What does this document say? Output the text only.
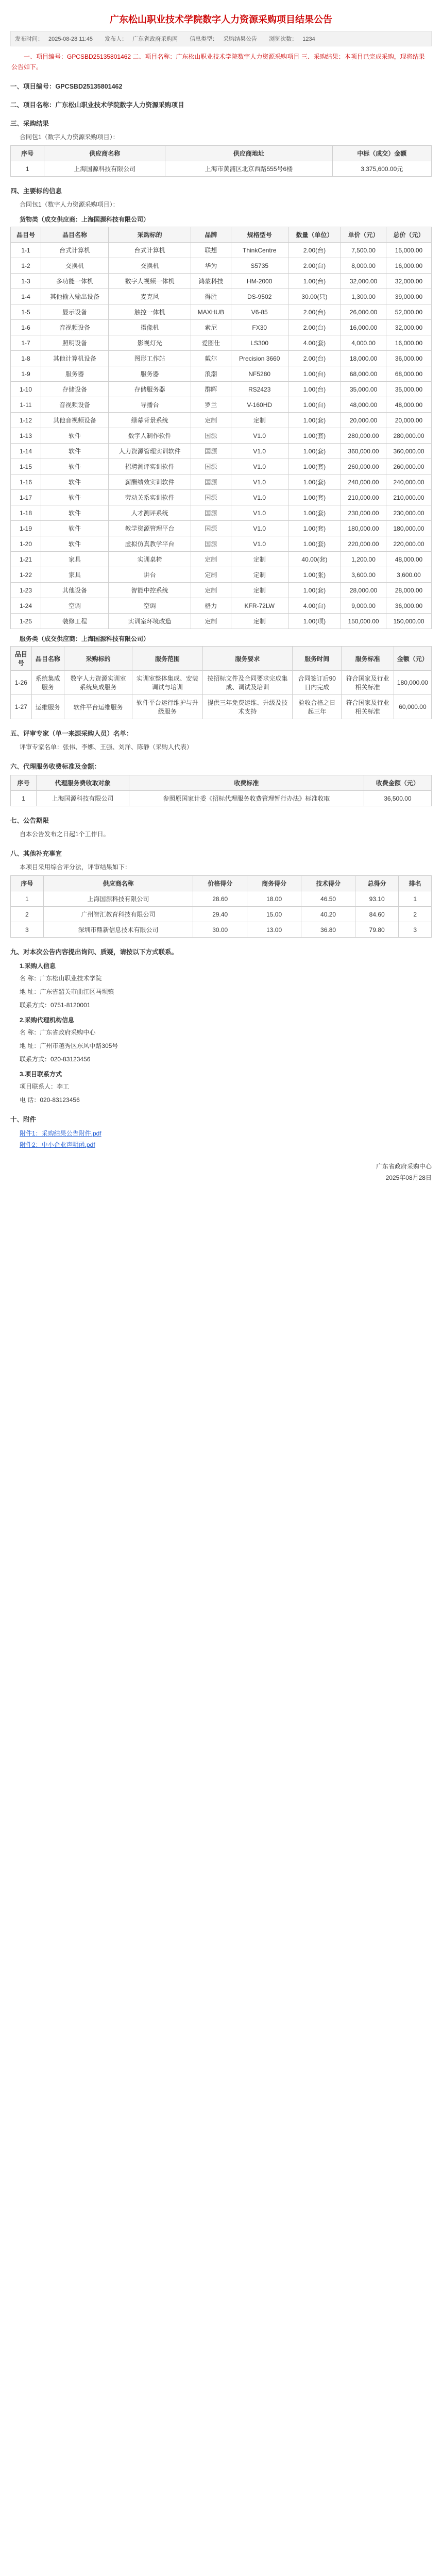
广东松山职业技术学院数字人力资源采购项目结果公告
发布时间： 2025-08-28 11:45 发布人： 广东省政府采购网 信息类型： 采购结果公告 浏览次数： 1234
一、项目编号：GPCSBD25135801462 二、项目名称：广东松山职业技术学院数字人力资源采购项目 三、采购结果：本项目已完成采购，现将结果公告如下。
一、项目编号：GPCSBD25135801462
二、项目名称：广东松山职业技术学院数字人力资源采购项目
三、采购结果
合同包1（数字人力资源采购项目）：
序号	供应商名称	供应商地址	中标（成交）金额
1	上海国源科技有限公司	上海市黄浦区北京西路555号6楼	3,375,600.00元
四、主要标的信息
合同包1（数字人力资源采购项目）：
货物类（成交供应商：上海国源科技有限公司）
品目号	品目名称	采购标的	品牌	规格型号	数量（单位）	单价（元）	总价（元）
1-1	台式计算机	台式计算机	联想	ThinkCentre	2.00(台)	7,500.00	15,000.00
1-2	交换机	交换机	华为	S5735	2.00(台)	8,000.00	16,000.00
1-3	多功能一体机	数字人视频一体机	鸿蒙科技	HM-2000	1.00(台)	32,000.00	32,000.00
1-4	其他输入输出设备	麦克风	得胜	DS-9502	30.00(只)	1,300.00	39,000.00
1-5	显示设备	触控一体机	MAXHUB	V6-85	2.00(台)	26,000.00	52,000.00
1-6	音视频设备	摄像机	索尼	FX30	2.00(台)	16,000.00	32,000.00
1-7	照明设备	影视灯光	爱图仕	LS300	4.00(套)	4,000.00	16,000.00
1-8	其他计算机设备	图形工作站	戴尔	Precision 3660	2.00(台)	18,000.00	36,000.00
1-9	服务器	服务器	浪潮	NF5280	1.00(台)	68,000.00	68,000.00
1-10	存储设备	存储服务器	群晖	RS2423	1.00(台)	35,000.00	35,000.00
1-11	音视频设备	导播台	罗兰	V-160HD	1.00(台)	48,000.00	48,000.00
1-12	其他音视频设备	绿幕背景系统	定制	定制	1.00(套)	20,000.00	20,000.00
1-13	软件	数字人制作软件	国源	V1.0	1.00(套)	280,000.00	280,000.00
1-14	软件	人力资源管理实训软件	国源	V1.0	1.00(套)	360,000.00	360,000.00
1-15	软件	招聘测评实训软件	国源	V1.0	1.00(套)	260,000.00	260,000.00
1-16	软件	薪酬绩效实训软件	国源	V1.0	1.00(套)	240,000.00	240,000.00
1-17	软件	劳动关系实训软件	国源	V1.0	1.00(套)	210,000.00	210,000.00
1-18	软件	人才测评系统	国源	V1.0	1.00(套)	230,000.00	230,000.00
1-19	软件	教学资源管理平台	国源	V1.0	1.00(套)	180,000.00	180,000.00
1-20	软件	虚拟仿真教学平台	国源	V1.0	1.00(套)	220,000.00	220,000.00
1-21	家具	实训桌椅	定制	定制	40.00(套)	1,200.00	48,000.00
1-22	家具	讲台	定制	定制	1.00(张)	3,600.00	3,600.00
1-23	其他设备	智能中控系统	定制	定制	1.00(套)	28,000.00	28,000.00
1-24	空调	空调	格力	KFR-72LW	4.00(台)	9,000.00	36,000.00
1-25	装修工程	实训室环境改造	定制	定制	1.00(项)	150,000.00	150,000.00
服务类（成交供应商：上海国源科技有限公司）
品目号	品目名称	采购标的	服务范围	服务要求	服务时间	服务标准	金额（元）
1-26	系统集成服务	数字人力资源实训室系统集成服务	实训室整体集成、安装调试与培训	按招标文件及合同要求完成集成、调试及培训	合同签订后90日内完成	符合国家及行业相关标准	180,000.00
1-27	运维服务	软件平台运维服务	软件平台运行维护与升级服务	提供三年免费运维、升级及技术支持	验收合格之日起三年	符合国家及行业相关标准	60,000.00
五、评审专家（单一来源采购人员）名单：
评审专家名单：张伟、李娜、王强、刘洋、陈静（采购人代表）
六、代理服务收费标准及金额：
序号	代理服务费收取对象	收费标准	收费金额（元）
1	上海国源科技有限公司	参照原国家计委《招标代理服务收费管理暂行办法》标准收取	36,500.00
七、公告期限
自本公告发布之日起1个工作日。
八、其他补充事宜
本项目采用综合评分法，评审结果如下：
序号	供应商名称	价格得分	商务得分	技术得分	总得分	排名
1	上海国源科技有限公司	28.60	18.00	46.50	93.10	1
2	广州智汇教育科技有限公司	29.40	15.00	40.20	84.60	2
3	深圳市鼎新信息技术有限公司	30.00	13.00	36.80	79.80	3
九、对本次公告内容提出询问、质疑，请按以下方式联系。
1.采购人信息
名 称：广东松山职业技术学院
地 址：广东省韶关市曲江区马坝镇
联系方式：0751-8120001
2.采购代理机构信息
名 称：广东省政府采购中心
地 址：广州市越秀区东风中路305号
联系方式：020-83123456
3.项目联系方式
项目联系人：李工
电 话：020-83123456
十、附件
附件1：采购结果公告附件.pdf
附件2：中小企业声明函.pdf
广东省政府采购中心
2025年08月28日
